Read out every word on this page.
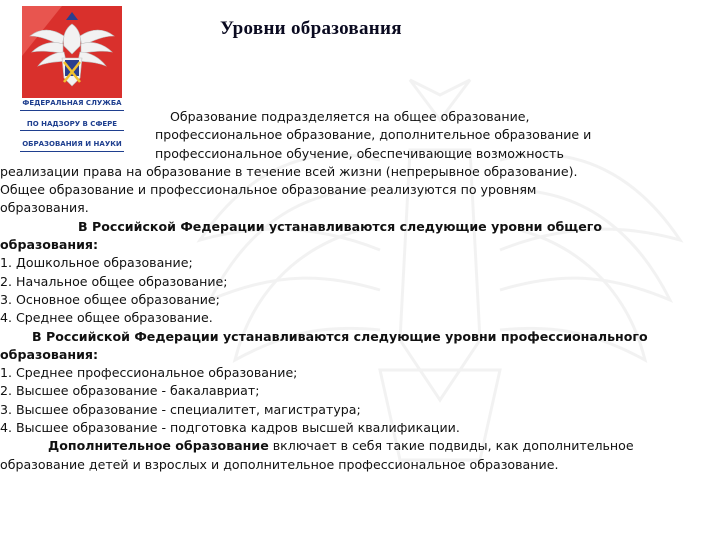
ФЕДЕРАЛЬНАЯ СЛУЖБА
ПО НАДЗОРУ В СФЕРЕ
ОБРАЗОВАНИЯ И НАУКИ
Уровни образования
Образование подразделяется на общее образование,
профессиональное образование, дополнительное образование и
профессиональное обучение, обеспечивающие возможность
реализации права на образование в течение всей жизни (непрерывное образование).
Общее образование и профессиональное образование реализуются по уровням
образования.
В Российской Федерации устанавливаются следующие уровни общего
образования:
1. Дошкольное образование;
2. Начальное общее образование;
3. Основное общее образование;
4. Среднее общее образование.
В Российской Федерации устанавливаются следующие уровни профессионального
образования:
1. Среднее профессиональное образование;
2. Высшее образование - бакалавриат;
3. Высшее образование - специалитет, магистратура;
4. Высшее образование - подготовка кадров высшей квалификации.
Дополнительное образование включает в себя такие подвиды, как дополнительное
образование детей и взрослых и дополнительное профессиональное образование.
